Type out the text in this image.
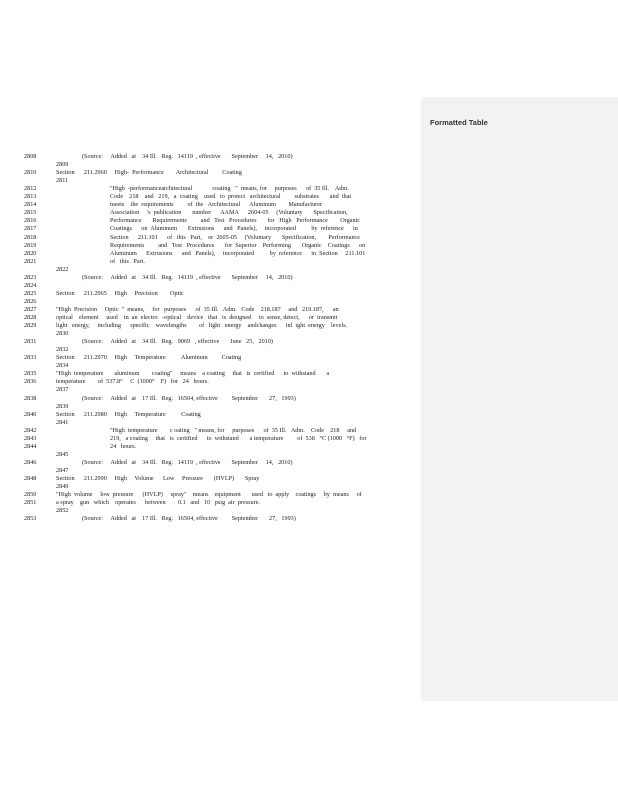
Formatted Table
2808	(Source:     Added   at    34 Ill.   Reg.   14119  , effective       September     14,   2010)
2809
2810	Section      211.2960     High-  Performance        Architectural         Coating
2811
2812	"High  -performancearchitectural             coating   "  means, for     purposes      of  35 Ill.    Adm.
2813	Code    218    and   219,   a  coating    used   to  protect   architectural         substrates       and  that
2814	meets    the  requirements         of  the   Architectural      Aluminum        Manufacturer
2815	Association     's  publication       number      AAMA      2604-05     (Voluntary       Specification,
2816	Performance       Requirements         and   Test   Procedures       for   High   Performance        Organic
2817	Coatings      on  Aluminum       Extrusions      and   Panels),     incorporated          by  reference      in
2818	Section      211.101      of   this   Part,    or  2605-05     (Voluntary       Specification,        Performance
2819	Requirements         and   Test   Procedures       for  Superior    Performing       Organic    Coatings      on
2820	Aluminum      Extrusions      and   Panels),     incorporated          by  reference      in  Section     211.101
2821	of   this   Part.
2822
2823	(Source:     Added   at    34 Ill.   Reg.   14119  , effective       September     14,   2010)
2824
2825	Section      211.2965     High     Precision        Optic
2826
2827	"High  Precision     Optic  "  means,     for   purposes      of  35 Ill.   Adm.   Code    218.187     and   219.187,      an
2828	optical    element     used    in  an  electro   -optical    device   that   is  designed     to  sense, detect,      or  transmit
2829	light   energy,     including      specific    wavelengths        of   light   energy    andchanges      inl  ight  energy    levels.
2830
2831	(Source:     Added   at    34 Ill.   Reg.   9069   , effective       June   25,   2010)
2832
2833	Section      211.2970     High     Temperature          Aluminum         Coating
2834
2835	"High  temperature       aluminum        coating"     means    a coating     that   is  certified      to  withstand       a
2836	temperature        of  537.8°     C  (1000°    F)   for   24   hours.
2837
2838	(Source:     Added   at    17 Ill.   Reg.   16504, effective         September       27,   1993)
2839
2840	Section      211.2980     High     Temperature          Coating
2841
2842	"High  temperature        c oating   " means, for     purposes      of  35 Ill.   Adm.    Code    218     and
2843	219,   a coating     that   is  certified      to  withstand       a temperature         of  538   °C (1000   °F)   for
2844	24   hours.
2845
2846	(Source:     Added   at    34 Ill.   Reg.   14119  , effective       September     14,   2010)
2847
2848	Section      211.2990     High     Volume      Low     Pressure       (HVLP)       Spray
2849
2850	"High  volume     low  pressure      (HVLP)     spray"    means    equipment       used   to  apply    coatings     by  means     of
2851	a spray    gun   which    operates      between        0.1   and   10   psig  air  pressure.
2852
2853	(Source:     Added   at    17 Ill.   Reg.   16504, effective         September       27,   1993)
